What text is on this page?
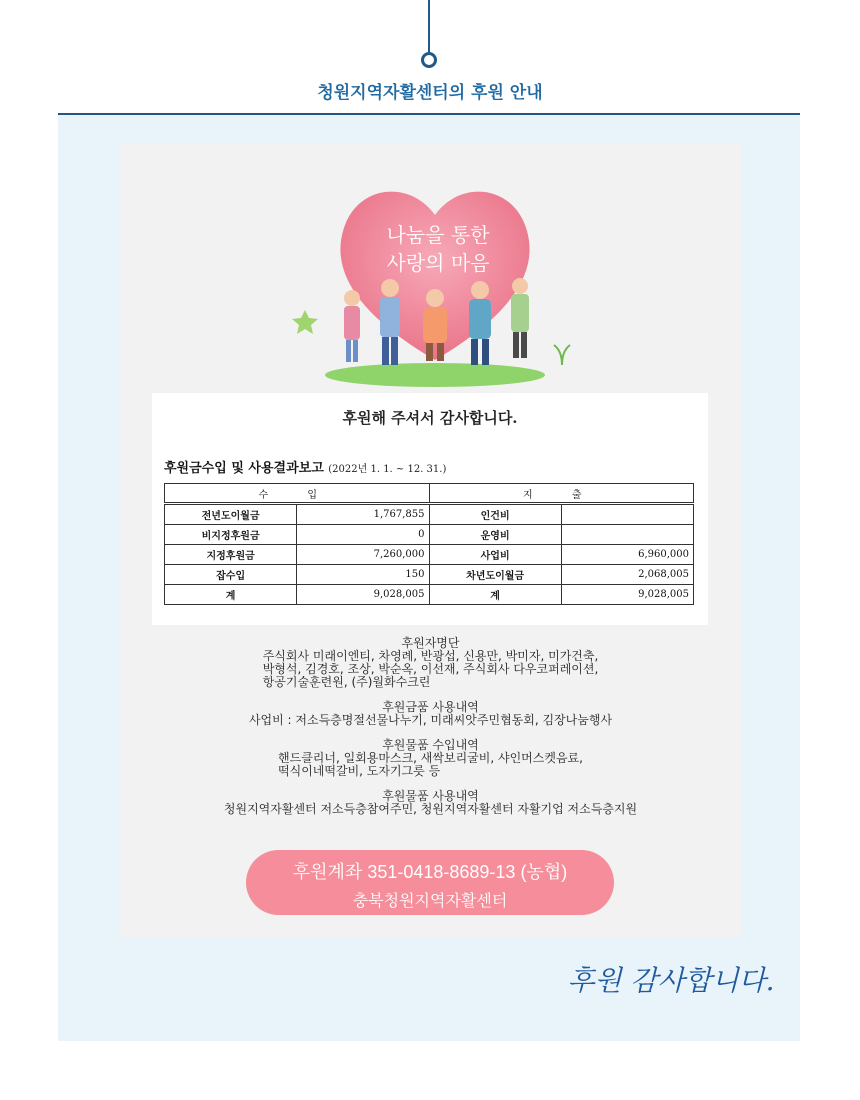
청원지역자활센터의 후원 안내
나눔을 통한
사랑의 마음
후원해 주셔서 감사합니다.
후원금수입 및 사용결과보고 (2022년 1. 1. ~ 12. 31.)
수 입		지 출	
전년도이월금	1,767,855	인건비	
비지정후원금	0	운영비	
지정후원금	7,260,000	사업비	6,960,000
잡수입	150	차년도이월금	2,068,005
계	9,028,005	계	9,028,005
후원자명단
주식회사 미래이엔티, 차영례, 반광섭, 신용만, 박미자, 미가건축,
박형석, 김경호, 조상, 박순옥, 이선재, 주식회사 다우코퍼레이션,
항공기술훈련원, (주)월화수크린
후원금품 사용내역
사업비 : 저소득층명절선물나누기, 미래씨앗주민협동회, 김장나눔행사
후원물품 수입내역
핸드클리너, 일회용마스크, 새싹보리굴비, 샤인머스켓음료,
떡식이네떡갈비, 도자기그릇 등
후원물품 사용내역
청원지역자활센터 저소득층참여주민, 청원지역자활센터 자활기업 저소득층지원
후원계좌 351-0418-8689-13 (농협)
충북청원지역자활센터
후원 감사합니다.
